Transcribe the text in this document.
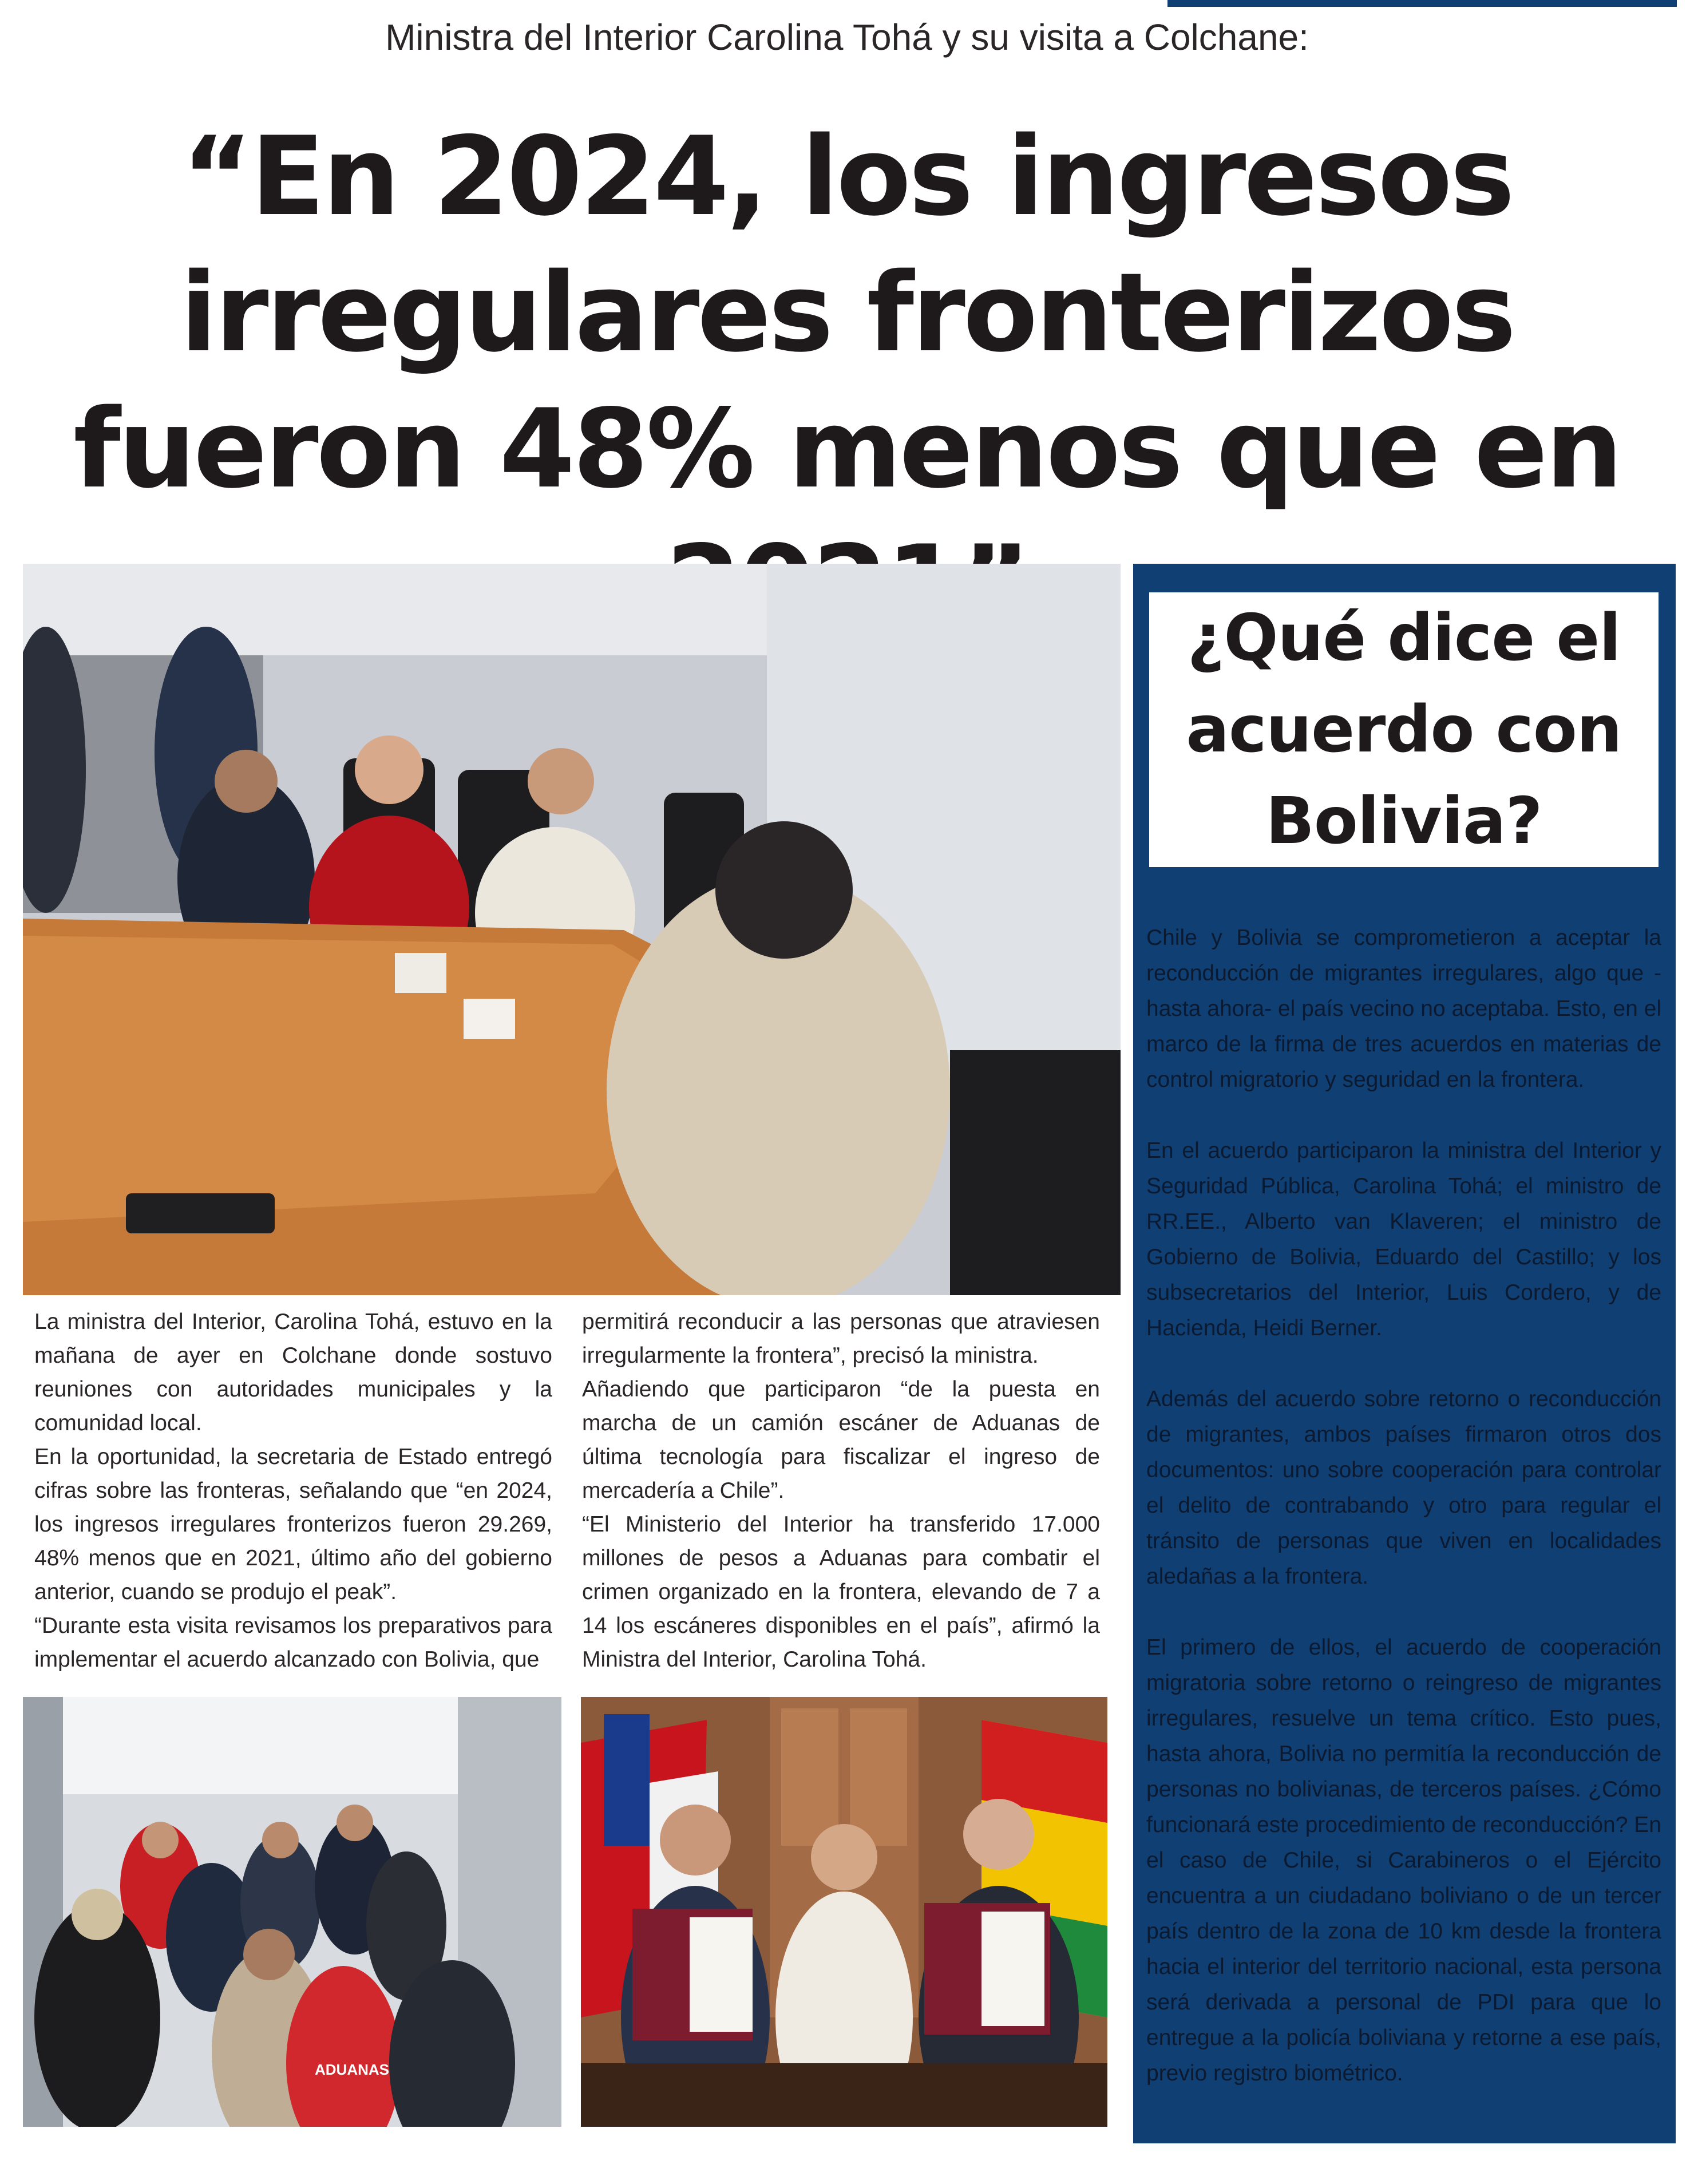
Ministra del Interior Carolina Tohá y su visita a Colchane:
“En 2024, los ingresos irregulares fronterizos fueron 48% menos que en

La ministra del Interior, Carolina Tohá, estuvo en la mañana de ayer en Colchane donde sostuvo reuniones con autoridades municipales y la comunidad local.

En la oportunidad, la secretaria de Estado entregó cifras sobre las fronteras, señalando que “en 2024, los ingresos irregulares fronterizos fueron 29.269, 48% menos que en 2021, último año del gobierno anterior, cuando se produjo el peak”.

“Durante esta visita revisamos los preparativos para implementar el acuerdo alcanzado con Bolivia, que

permitirá reconducir a las personas que atraviesen irregularmente la frontera”, precisó la ministra.

Añadiendo que participaron “de la puesta en marcha de un camión escáner de Aduanas de última tecnología para fiscalizar el ingreso de mercadería a Chile”.

“El Ministerio del Interior ha transferido 17.000 millones de pesos a Aduanas para combatir el crimen organizado en la frontera, elevando de 7 a 14 los escáneres disponibles en el país”, afirmó la Ministra del Interior, Carolina Tohá.

ADUANAS
¿Qué dice el acuerdo con Bolivia?

Chile y Bolivia se comprometieron a aceptar la reconducción de migrantes irregulares, algo que -hasta ahora- el país vecino no aceptaba. Esto, en el marco de la firma de tres acuerdos en materias de control migratorio y seguridad en la frontera.

En el acuerdo participaron la ministra del Interior y Seguridad Pública, Carolina Tohá; el ministro de RR.EE., Alberto van Klaveren; el ministro de Gobierno de Bolivia, Eduardo del Castillo; y los subsecretarios del Interior, Luis Cordero, y de Hacienda, Heidi Berner.

Además del acuerdo sobre retorno o reconducción de migrantes, ambos países firmaron otros dos documentos: uno sobre cooperación para controlar el delito de contrabando y otro para regular el tránsito de personas que viven en localidades aledañas a la frontera.

El primero de ellos, el acuerdo de cooperación migratoria sobre retorno o reingreso de migrantes irregulares, resuelve un tema crítico. Esto pues, hasta ahora, Bolivia no permitía la reconducción de personas no bolivianas, de terceros países. ¿Cómo funcionará este procedimiento de reconducción? En el caso de Chile, si Carabineros o el Ejército encuentra a un ciudadano boliviano o de un tercer país dentro de la zona de 10 km desde la frontera hacia el interior del territorio nacional, esta persona será derivada a personal de PDI para que lo entregue a la policía boliviana y retorne a ese país, previo registro biométrico.
